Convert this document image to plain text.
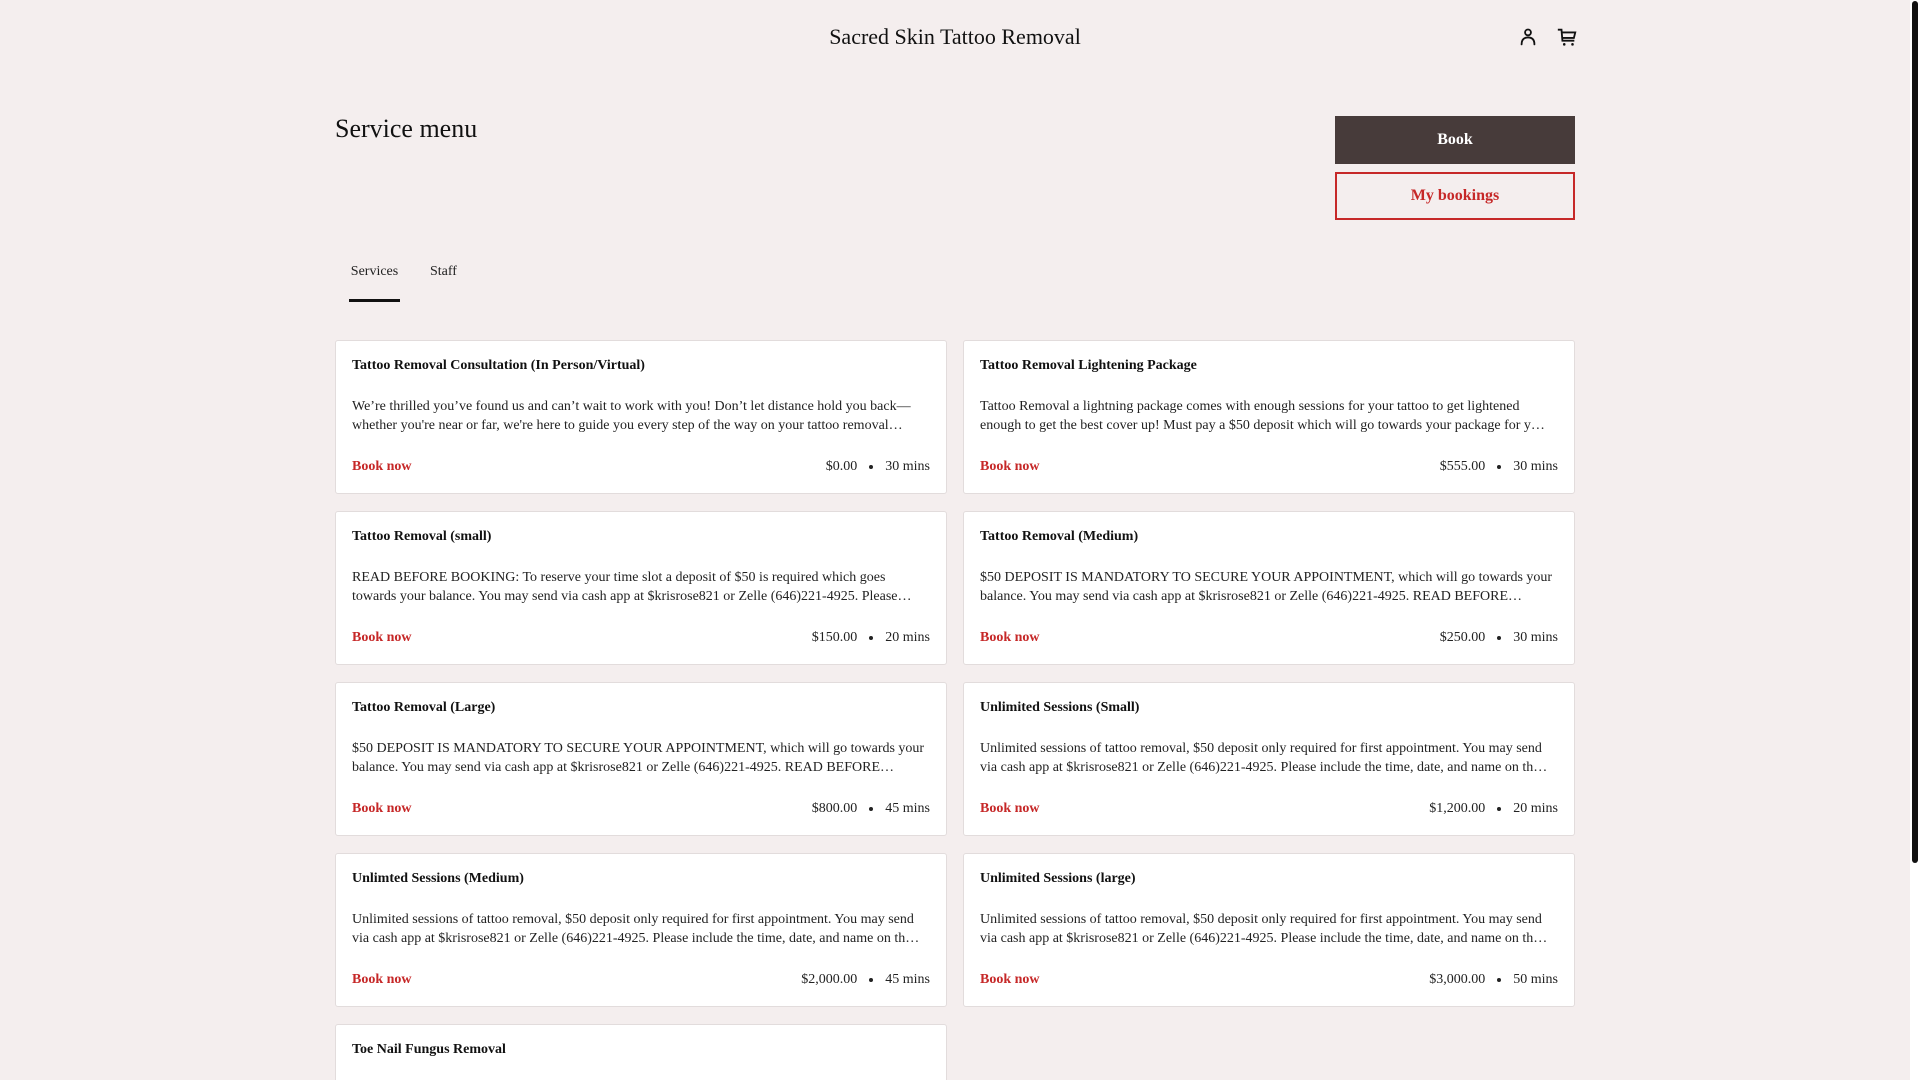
Sacred Skin Tattoo Removal
Service menu	Book
My bookings
Services Staff
Tattoo Removal Consultation (In Person/Virtual)
We’re thrilled you’ve found us and can’t wait to work with you! Don’t let distance hold you back—whether you're near or far, we're here to guide you every step of the way on your tattoo removal…
Book now	$0.00 30 mins
Tattoo Removal Lightening Package
Tattoo Removal a lightning package comes with enough sessions for your tattoo to get lightened enough to get the best cover up! Must pay a $50 deposit which will go towards your package for y…
Book now	$555.00 30 mins
Tattoo Removal (small)
READ BEFORE BOOKING: To reserve your time slot a deposit of $50 is required which goes towards your balance. You may send via cash app at $krisrose821 or Zelle (646)221-4925. Please…
Book now	$150.00 20 mins
Tattoo Removal (Medium)
$50 DEPOSIT IS MANDATORY TO SECURE YOUR APPOINTMENT, which will go towards your balance. You may send via cash app at $krisrose821 or Zelle (646)221-4925. READ BEFORE…
Book now	$250.00 30 mins
Tattoo Removal (Large)
$50 DEPOSIT IS MANDATORY TO SECURE YOUR APPOINTMENT, which will go towards your balance. You may send via cash app at $krisrose821 or Zelle (646)221-4925. READ BEFORE…
Book now	$800.00 45 mins
Unlimited Sessions (Small)
Unlimited sessions of tattoo removal, $50 deposit only required for first appointment. You may send via cash app at $krisrose821 or Zelle (646)221-4925. Please include the time, date, and name on th…
Book now	$1,200.00 20 mins
Unlimted Sessions (Medium)
Unlimited sessions of tattoo removal, $50 deposit only required for first appointment. You may send via cash app at $krisrose821 or Zelle (646)221-4925. Please include the time, date, and name on th…
Book now	$2,000.00 45 mins
Unlimited Sessions (large)
Unlimited sessions of tattoo removal, $50 deposit only required for first appointment. You may send via cash app at $krisrose821 or Zelle (646)221-4925. Please include the time, date, and name on th…
Book now	$3,000.00 50 mins
Toe Nail Fungus Removal
